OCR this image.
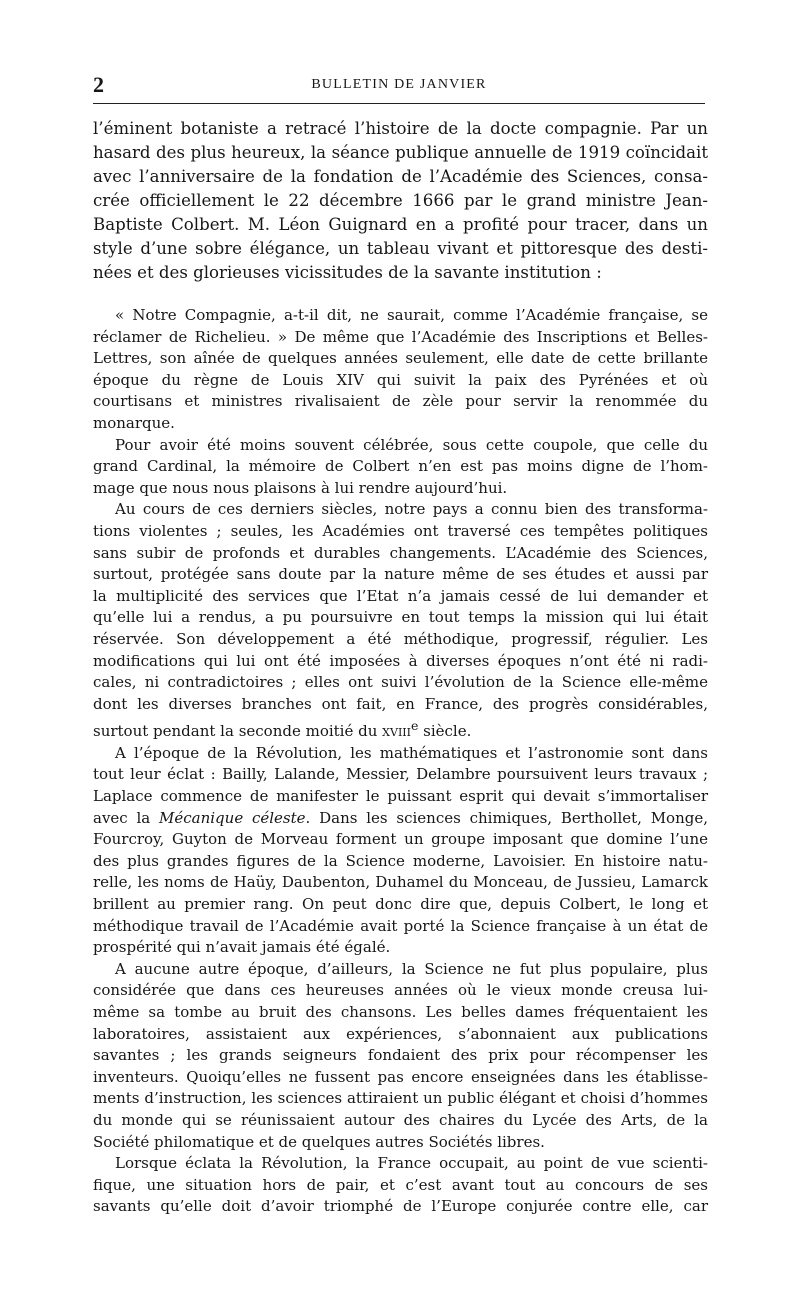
2	BULLETIN DE JANVIER

l’éminent botaniste a retracé l’histoire de la docte compagnie. Par un

hasard des plus heureux, la séance publique annuelle de 1919 coïncidait

avec l’anniversaire de la fondation de l’Académie des Sciences, consa-

crée officiellement le 22 décembre 1666 par le grand ministre Jean-

Baptiste Colbert. M. Léon Guignard en a profité pour tracer, dans un

style d’une sobre élégance, un tableau vivant et pittoresque des desti-

nées et des glorieuses vicissitudes de la savante institution :

« Notre Compagnie, a-t-il dit, ne saurait, comme l’Académie française, se

réclamer de Richelieu. » De même que l’Académie des Inscriptions et Belles-

Lettres, son aînée de quelques années seulement, elle date de cette brillante

époque du règne de Louis XIV qui suivit la paix des Pyrénées et où

courtisans et ministres rivalisaient de zèle pour servir la renommée du

monarque.

Pour avoir été moins souvent célébrée, sous cette coupole, que celle du

grand Cardinal, la mémoire de Colbert n’en est pas moins digne de l’hom-

mage que nous nous plaisons à lui rendre aujourd’hui.

Au cours de ces derniers siècles, notre pays a connu bien des transforma-

tions violentes ; seules, les Académies ont traversé ces tempêtes politiques

sans subir de profonds et durables changements. L’Académie des Sciences,

surtout, protégée sans doute par la nature même de ses études et aussi par

la multiplicité des services que l’Etat n’a jamais cessé de lui demander et

qu’elle lui a rendus, a pu poursuivre en tout temps la mission qui lui était

réservée. Son développement a été méthodique, progressif, régulier. Les

modifications qui lui ont été imposées à diverses époques n’ont été ni radi-

cales, ni contradictoires ; elles ont suivi l’évolution de la Science elle-même

dont les diverses branches ont fait, en France, des progrès considérables,

surtout pendant la seconde moitié du xviii$^e$ siècle.

A l’époque de la Révolution, les mathématiques et l’astronomie sont dans

tout leur éclat : Bailly, Lalande, Messier, Delambre poursuivent leurs travaux ;

Laplace commence de manifester le puissant esprit qui devait s’immortaliser

avec la Mécanique céleste. Dans les sciences chimiques, Berthollet, Monge,

Fourcroy, Guyton de Morveau forment un groupe imposant que domine l’une

des plus grandes figures de la Science moderne, Lavoisier. En histoire natu-

relle, les noms de Haüy, Daubenton, Duhamel du Monceau, de Jussieu, Lamarck

brillent au premier rang. On peut donc dire que, depuis Colbert, le long et

méthodique travail de l’Académie avait porté la Science française à un état de

prospérité qui n’avait jamais été égalé.

A aucune autre époque, d’ailleurs, la Science ne fut plus populaire, plus

considérée que dans ces heureuses années où le vieux monde creusa lui-

même sa tombe au bruit des chansons. Les belles dames fréquentaient les

laboratoires, assistaient aux expériences, s’abonnaient aux publications

savantes ; les grands seigneurs fondaient des prix pour récompenser les

inventeurs. Quoiqu’elles ne fussent pas encore enseignées dans les établisse-

ments d’instruction, les sciences attiraient un public élégant et choisi d’hommes

du monde qui se réunissaient autour des chaires du Lycée des Arts, de la

Société philomatique et de quelques autres Sociétés libres.

Lorsque éclata la Révolution, la France occupait, au point de vue scienti-

fique, une situation hors de pair, et c’est avant tout au concours de ses

savants qu’elle doit d’avoir triomphé de l’Europe conjurée contre elle, car
